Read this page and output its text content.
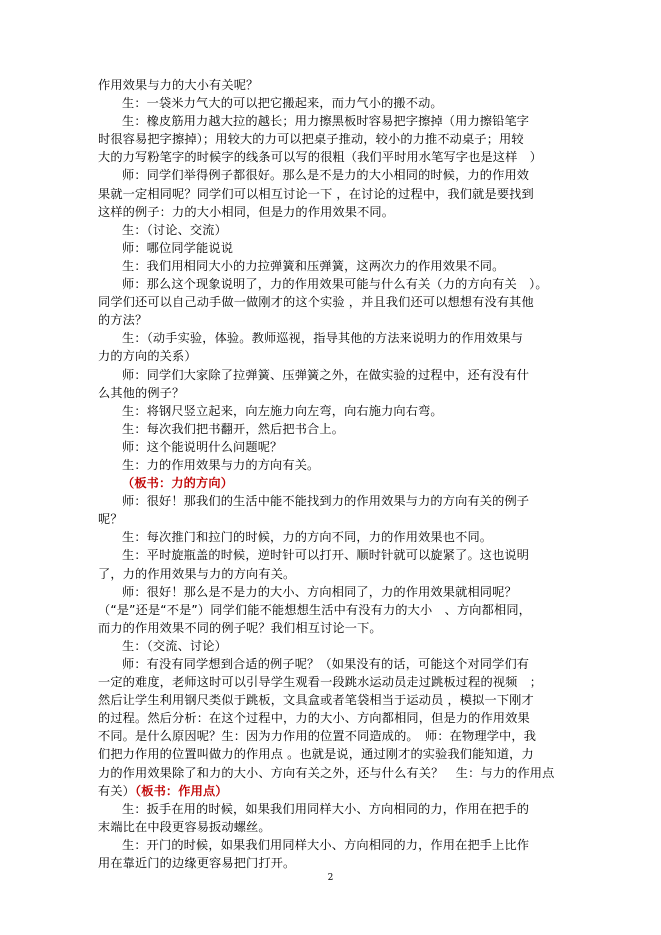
作用效果与力的大小有关呢？
生：一袋米力气大的可以把它搬起来，而力气小的搬不动。
生：橡皮筋用力越大拉的越长；用力擦黑板时容易把字擦掉（用力擦铅笔字
时很容易把字擦掉）；用较大的力可以把桌子推动，较小的力推不动桌子；用较
大的力写粉笔字的时候字的线条可以写的很粗（我们平时用水笔写字也是这样　）
师：同学们举得例子都很好。那么是不是力的大小相同的时候，力的作用效
果就一定相同呢？同学们可以相互讨论一下 ，在讨论的过程中，我们就是要找到
这样的例子：力的大小相同，但是力的作用效果不同。
生：（讨论、交流）
师：哪位同学能说说
生：我们用相同大小的力拉弹簧和压弹簧，这两次力的作用效果不同。
师：那么这个现象说明了，力的作用效果可能与什么有关（力的方向有关　）。
同学们还可以自己动手做一做刚才的这个实验 ，并且我们还可以想想有没有其他
的方法？
生：（动手实验，体验。教师巡视，指导其他的方法来说明力的作用效果与
力的方向的关系）
师：同学们大家除了拉弹簧、压弹簧之外，在做实验的过程中，还有没有什
么其他的例子？
生：将钢尺竖立起来，向左施力向左弯，向右施力向右弯。
生：每次我们把书翻开，然后把书合上。
师：这个能说明什么问题呢？
生：力的作用效果与力的方向有关。
（板书：力的方向）
师：很好！那我们的生活中能不能找到力的作用效果与力的方向有关的例子
呢？
生：每次推门和拉门的时候，力的方向不同，力的作用效果也不同。
生：平时旋瓶盖的时候，逆时针可以打开、顺时针就可以旋紧了。这也说明
了，力的作用效果与力的方向有关。
师：很好！那么是不是力的大小、方向相同了，力的作用效果就相同呢？
（“是”还是“不是”）同学们能不能想想生活中有没有力的大小　、方向都相同，
而力的作用效果不同的例子呢？我们相互讨论一下。
生：（交流、讨论）
师：有没有同学想到合适的例子呢？（如果没有的话，可能这个对同学们有
一定的难度，老师这时可以引导学生观看一段跳水运动员走过跳板过程的视频　；
然后让学生利用钢尺类似于跳板，文具盒或者笔袋相当于运动员 ，模拟一下刚才
的过程。然后分析：在这个过程中，力的大小、方向都相同，但是力的作用效果
不同。是什么原因呢？生：因为力作用的位置不同造成的。　师：在物理学中，我
们把力作用的位置叫做力的作用点 。也就是说，通过刚才的实验我们能知道，力
力的作用效果除了和力的大小、方向有关之外，还与什么有关？　生：与力的作用点
有关）（板书：作用点）
生：扳手在用的时候，如果我们用同样大小、方向相同的力，作用在把手的
末端比在中段更容易扳动螺丝。
生：开门的时候，如果我们用同样大小、方向相同的力，作用在把手上比作
用在靠近门的边缘更容易把门打开。
2
